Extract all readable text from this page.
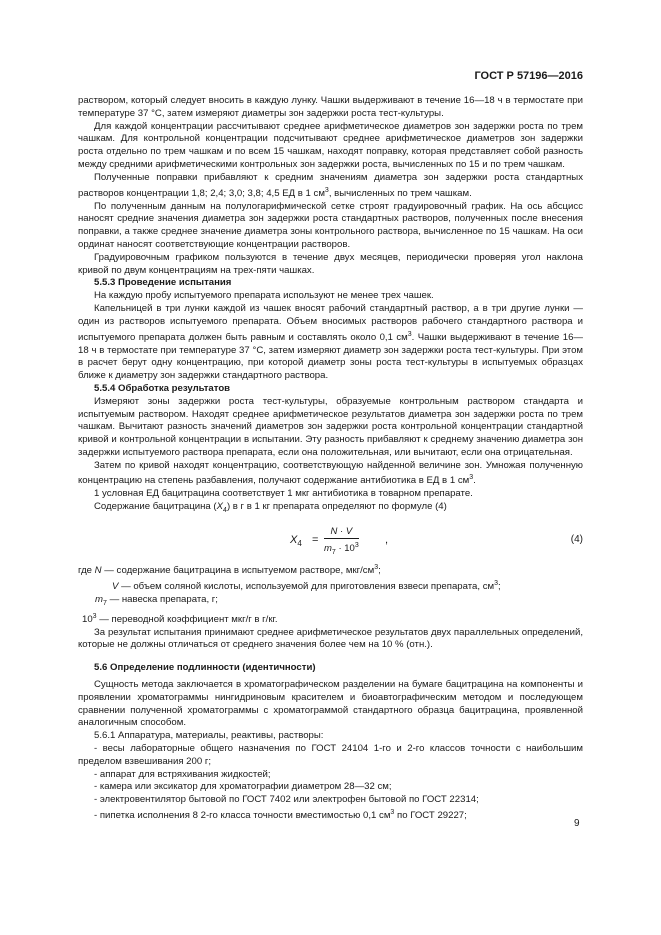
ГОСТ Р 57196—2016

раствором, который следует вносить в каждую лунку. Чашки выдерживают в течение 16—18 ч в термостате при температуре 37 °С, затем измеряют диаметры зон задержки роста тест-культуры.

Для каждой концентрации рассчитывают среднее арифметическое диаметров зон задержки роста по трем чашкам. Для контрольной концентрации подсчитывают среднее арифметическое диаметров зон задержки роста отдельно по трем чашкам и по всем 15 чашкам, находят поправку, которая представляет собой разность между средними арифметическими контрольных зон задержки роста, вычисленных по 15 и по трем чашкам.

Полученные поправки прибавляют к средним значениям диаметра зон задержки роста стандартных растворов концентрации 1,8; 2,4; 3,0; 3,8; 4,5 ЕД в 1 $см^3$, вычисленных по трем чашкам.

По полученным данным на полулогарифмической сетке строят градуировочный график. На ось абсцисс наносят средние значения диаметра зон задержки роста стандартных растворов, полученных после внесения поправки, а также среднее значение диаметра зоны контрольного раствора, вычисленное по 15 чашкам. На оси ординат наносят соответствующие концентрации растворов.

Градуировочным графиком пользуются в течение двух месяцев, периодически проверяя угол наклона кривой по двум концентрациям на трех-пяти чашках.

5.5.3 Проведение испытания

На каждую пробу испытуемого препарата используют не менее трех чашек.

Капельницей в три лунки каждой из чашек вносят рабочий стандартный раствор, а в три другие лунки — один из растворов испытуемого препарата. Объем вносимых растворов рабочего стандартного раствора и испытуемого препарата должен быть равным и составлять около 0,1 $см^3$. Чашки выдерживают в течение 16—18 ч в термостате при температуре 37 °С, затем измеряют диаметр зон задержки роста тест-культуры. При этом в расчет берут одну концентрацию, при которой диаметр зоны роста тест-культуры в испытуемых образцах ближе к диаметру зон задержки стандартного раствора.

5.5.4 Обработка результатов

Измеряют зоны задержки роста тест-культуры, образуемые контрольным раствором стандарта и испытуемым раствором. Находят среднее арифметическое результатов диаметра зон задержки роста по трем чашкам. Вычитают разность значений диаметров зон задержки роста контрольной концентрации стандартной кривой и контрольной концентрации в испытании. Эту разность прибавляют к среднему значению диаметра зон задержки испытуемого раствора препарата, если она положительная, или вычитают, если она отрицательная.

Затем по кривой находят концентрацию, соответствующую найденной величине зон. Умножая полученную концентрацию на степень разбавления, получают содержание антибиотика в ЕД в 1 $см^3$.

1 условная ЕД бацитрацина соответствует 1 мкг антибиотика в товарном препарате.

Содержание бацитрацина $(X_4)$ в г в 1 кг препарата определяют по формуле (4)

$X_4 = \frac{N \cdot V}{m_7 \cdot 10^3}$ ,	(4)

где N — содержание бацитрацина в испытуемом растворе, мкг/$см^3$;

V — объем соляной кислоты, используемой для приготовления взвеси препарата, $см^3$;

$m_7$ — навеска препарата, г;

$10^3$ — переводной коэффициент мкг/г в г/кг.

За результат испытания принимают среднее арифметическое результатов двух параллельных определений, которые не должны отличаться от среднего значения более чем на 10 % (отн.).

5.6 Определение подлинности (идентичности)

Сущность метода заключается в хроматографическом разделении на бумаге бацитрацина на компоненты и проявлении хроматограммы нингидриновым красителем и биоавтографическим методом и последующем сравнении полученной хроматограммы с хроматограммой стандартного образца бацитрацина, проявленной аналогичным способом.

5.6.1 Аппаратура, материалы, реактивы, растворы:

- весы лабораторные общего назначения по ГОСТ 24104 1-го и 2-го классов точности с наибольшим пределом взвешивания 200 г;

- аппарат для встряхивания жидкостей;

- камера или эксикатор для хроматографии диаметром 28—32 см;

- электровентилятор бытовой по ГОСТ 7402 или электрофен бытовой по ГОСТ 22314;

- пипетка исполнения 8 2-го класса точности вместимостью 0,1 $см^3$ по ГОСТ 29227;

9
